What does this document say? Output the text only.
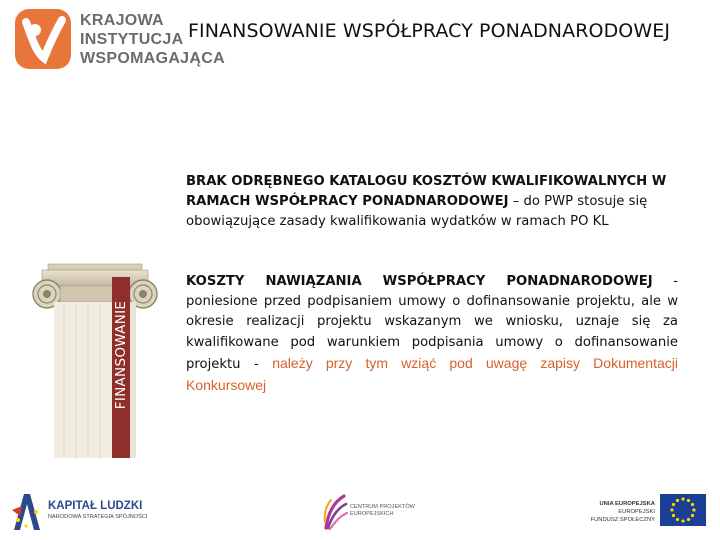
KRAJOWA
INSTYTUCJA
WSPOMAGAJĄCA
FINANSOWANIE WSPÓŁPRACY PONADNARODOWEJ
FINANSOWANIE
BRAK ODRĘBNEGO KATALOGU KOSZTÓW KWALIFIKOWALNYCH W RAMACH WSPÓŁPRACY PONADNARODOWEJ – do PWP stosuje się obowiązujące zasady kwalifikowania wydatków w ramach PO KL
KOSZTY NAWIĄZANIA WSPÓŁPRACY PONADNARODOWEJ - poniesione przed podpisaniem umowy o dofinansowanie projektu, ale w okresie realizacji projektu wskazanym we wniosku, uznaje się za kwalifikowane pod warunkiem podpisania umowy o dofinansowanie projektu - należy przy tym wziąć pod uwagę zapisy Dokumentacji Konkursowej
KAPITAŁ LUDZKI
NARODOWA STRATEGIA SPÓJNOŚCI
CENTRUM PROJEKTÓW
EUROPEJSKICH
UNIA EUROPEJSKA
EUROPEJSKI
FUNDUSZ SPOŁECZNY
